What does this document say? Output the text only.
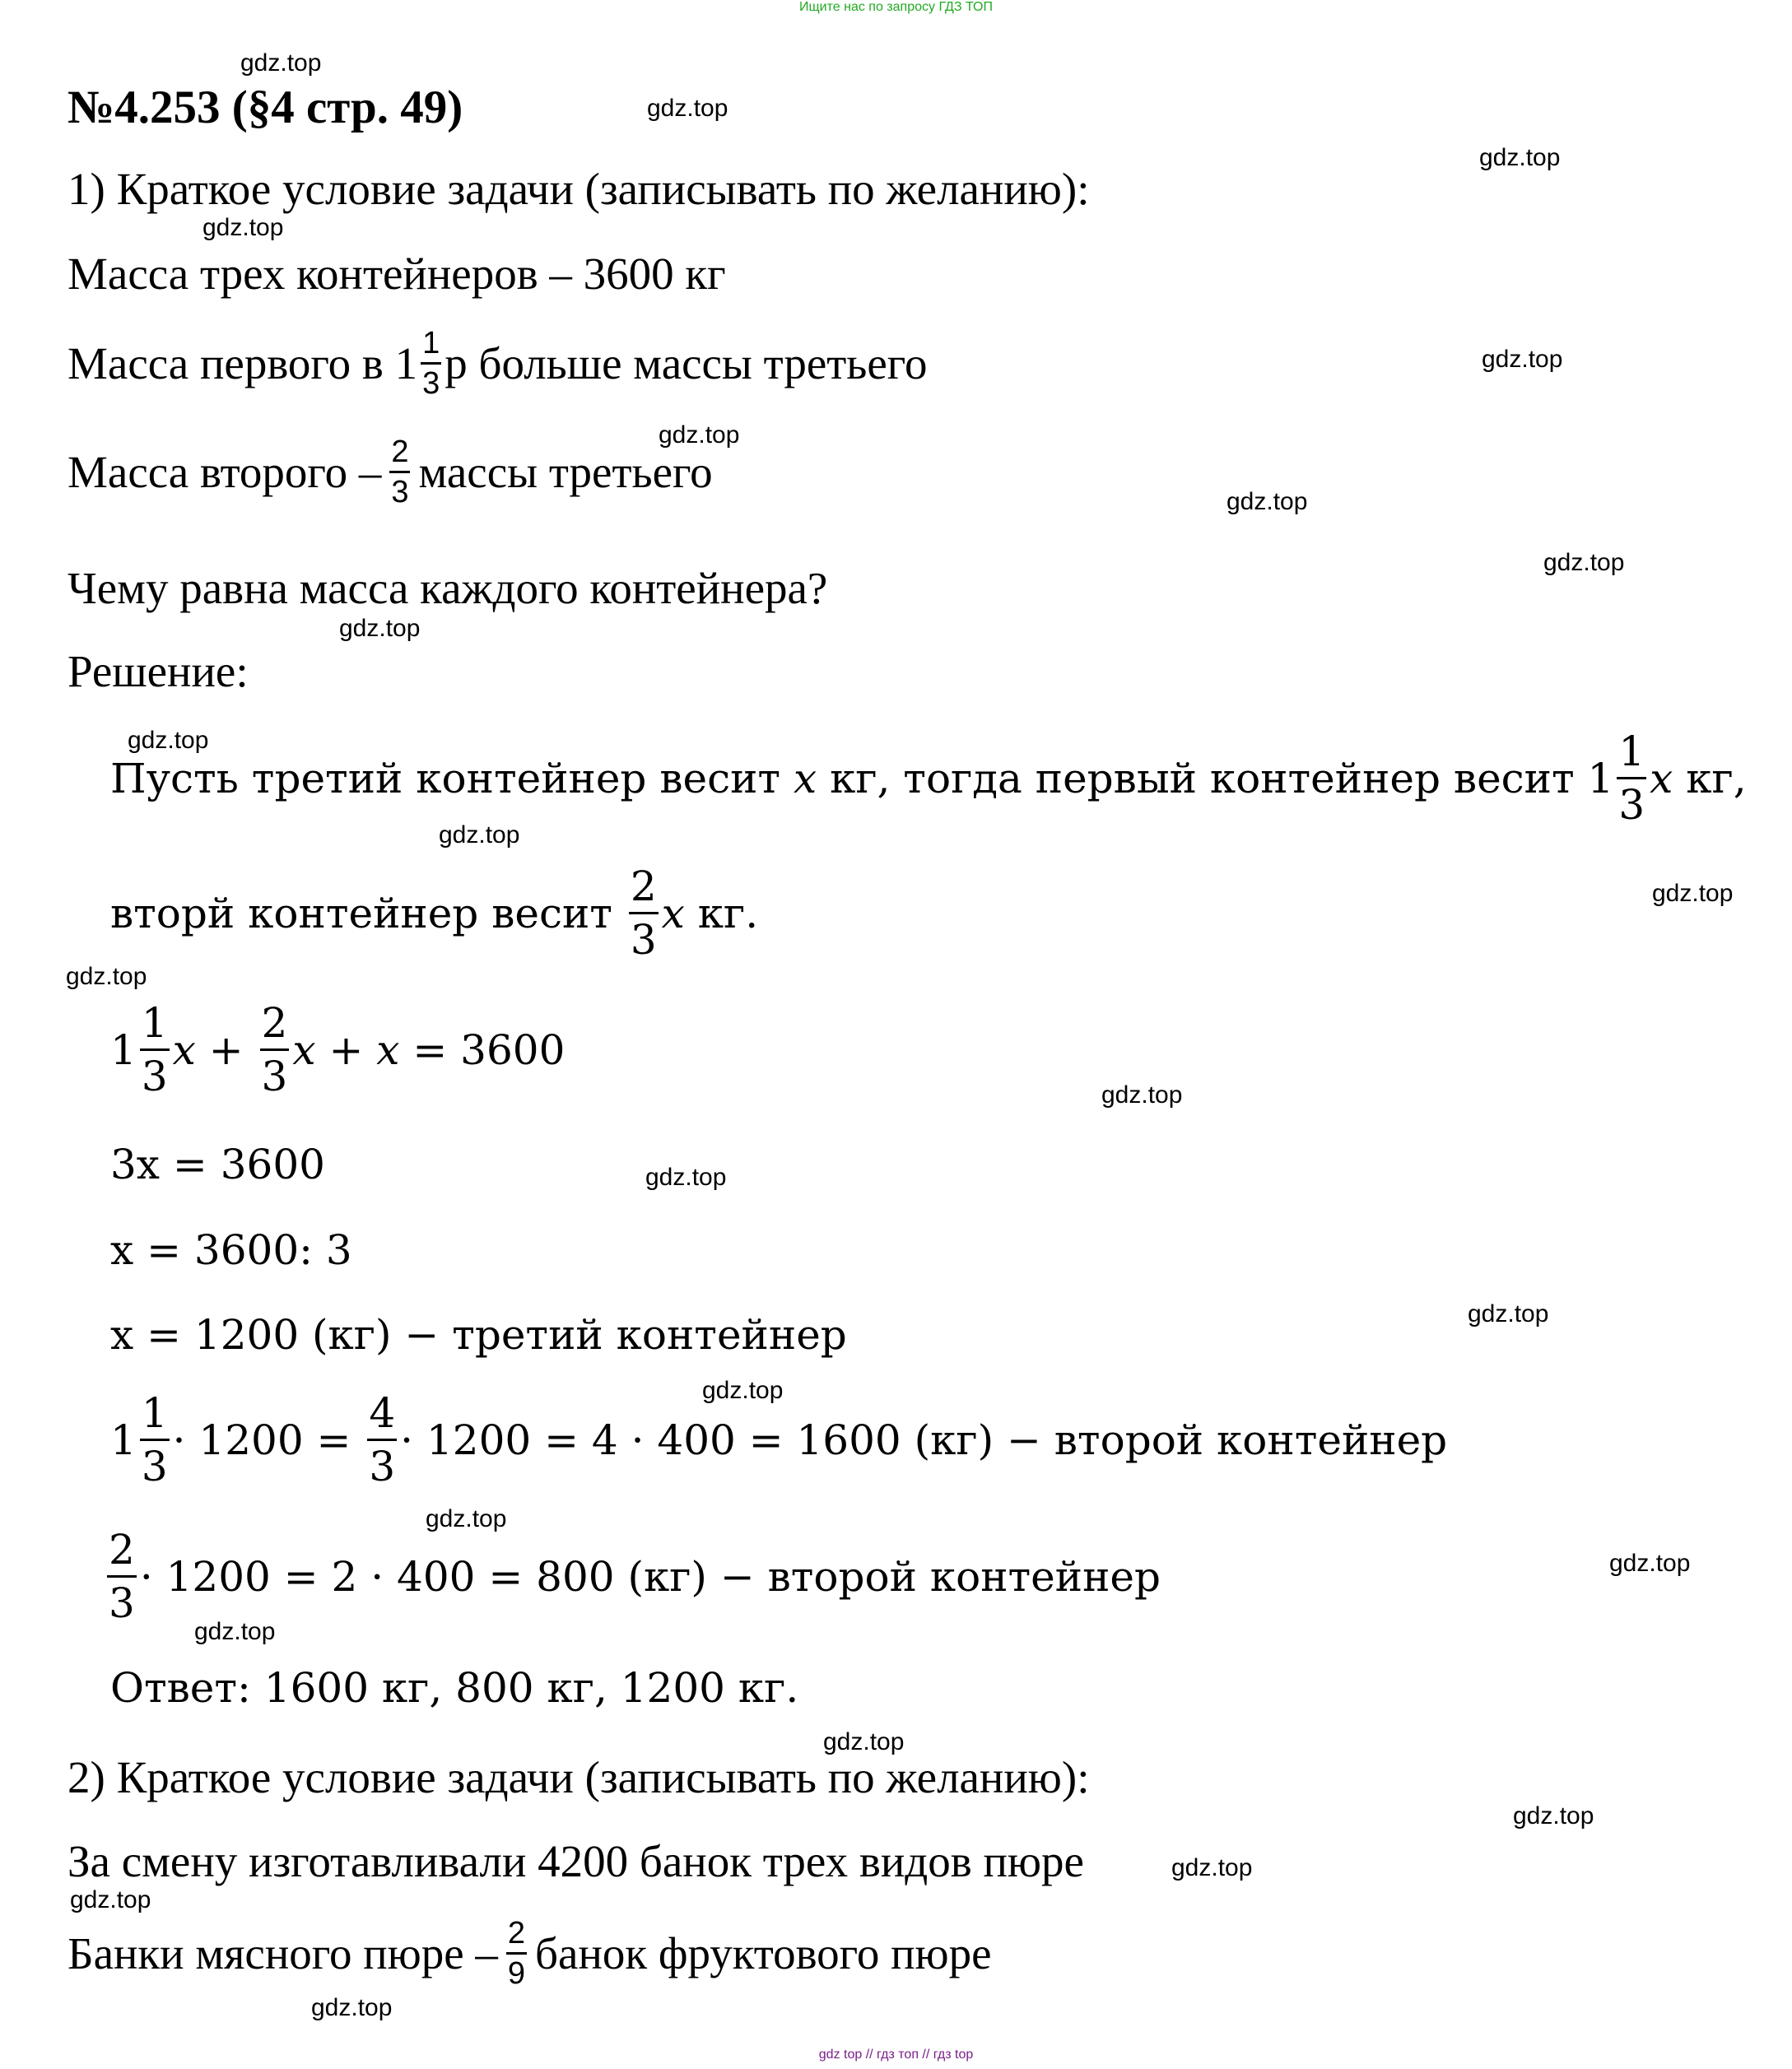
Ищите нас по запросу ГДЗ ТОП
gdz.top
gdz.top
gdz.top
gdz.top
gdz.top
gdz.top
gdz.top
gdz.top
gdz.top
gdz.top
gdz.top
gdz.top
gdz.top
gdz.top
gdz.top
gdz.top
gdz.top
gdz.top
gdz.top
gdz.top
gdz.top
gdz.top
gdz.top
gdz.top
gdz.top
№4.253 (§4 стр. 49)
1) Краткое условие задачи (записывать по желанию):
Масса трех контейнеров – 3600 кг
Масса первого в $1 \frac{1}{3}$ р больше массы третьего
Масса второго – $\frac{2}{3}$ массы третьего
Чему равна масса каждого контейнера?
Решение:
Пусть третий контейнер весит
x
кг, тогда первый контейнер весит $1 \frac{1}{3}$ x
кг,
вторй контейнер весит
$\frac{2}{3}$ x
кг.
$1 \frac{1}{3}$ x
+
$\frac{2}{3}$ x
+
x
= 3600
3x = 3600
x = 3600: 3
x = 1200 (кг) − третий контейнер
$1 \frac{1}{3} \cdot 1200$ =
$\frac{4}{3} \cdot 1200 = 4 \cdot 400 = 1600$ (кг) − второй контейнер
$\frac{2}{3} \cdot 1200 = 2 \cdot 400 = 800$ (кг) − второй контейнер
Ответ: 1600 кг, 800 кг, 1200 кг.
2) Краткое условие задачи (записывать по желанию):
За смену изготавливали 4200 банок трех видов пюре
Банки мясного пюре – $\frac{2}{9}$ банок фруктового пюре
gdz top // гдз топ // гдз top
